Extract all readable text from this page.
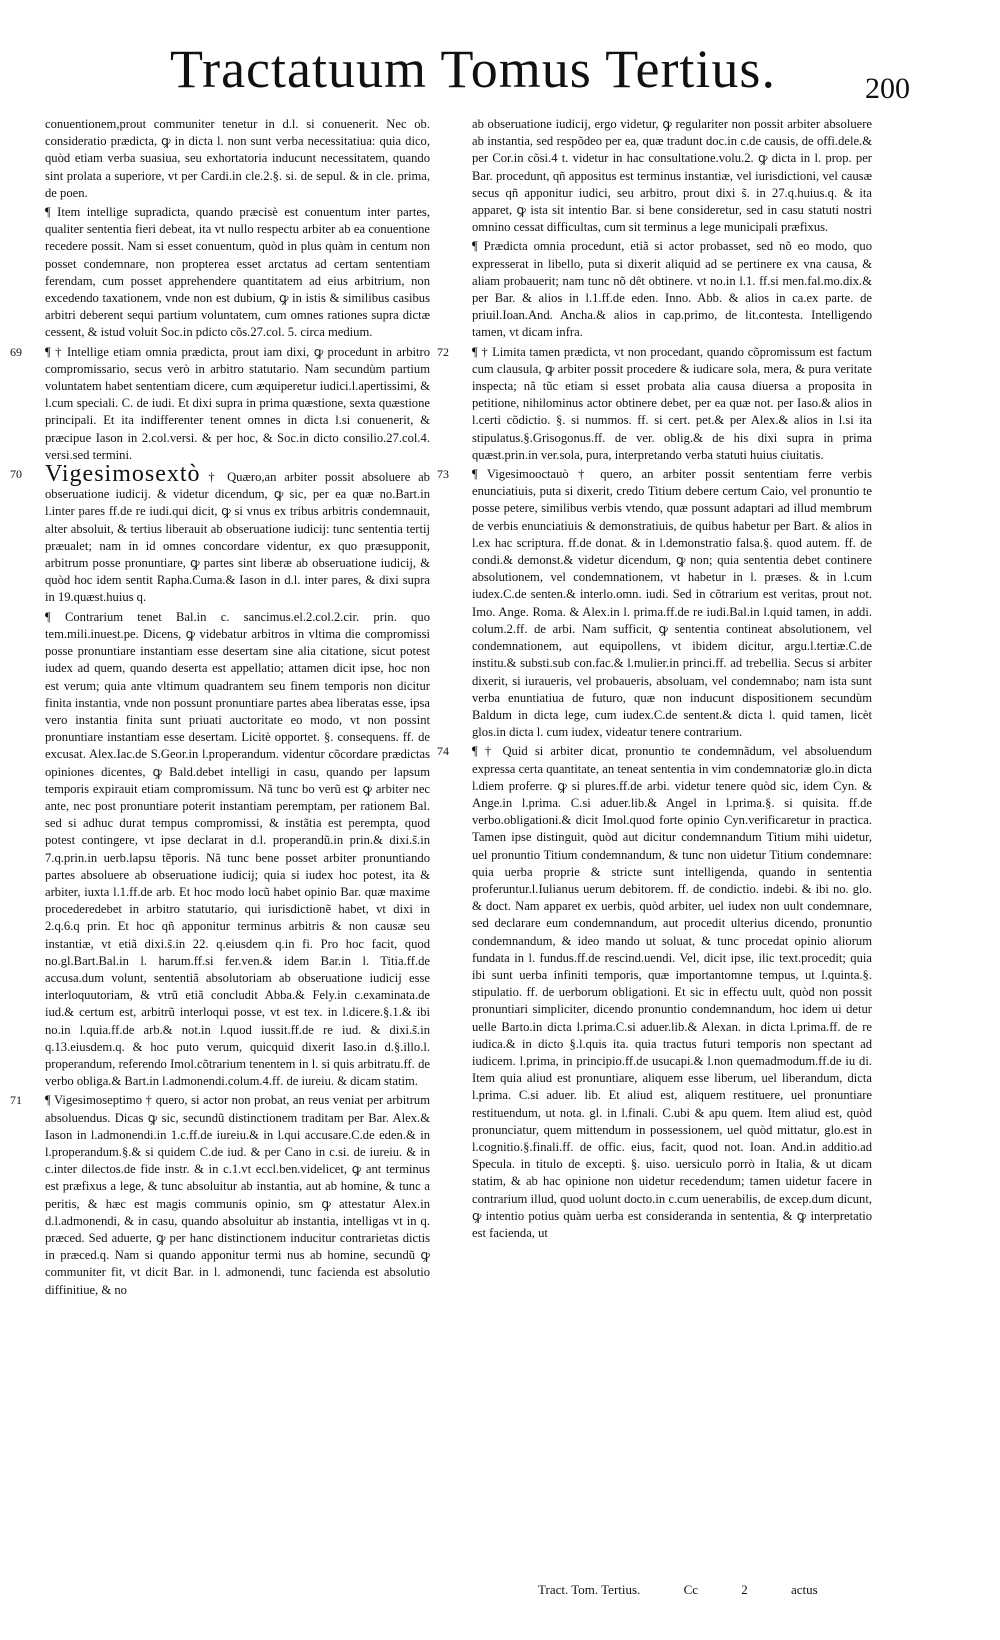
Tractatuum Tomus Tertius.	200

conuentionem,prout communiter tenetur in d.l. si conuenerit. Nec ob. consideratio prædicta, ꝙ in dicta l. non sunt verba necessitatiua: quia dico, quòd etiam verba suasiua, seu exhortatoria inducunt necessitatem, quando sint prolata a superiore, vt per Cardi.in cle.2.§. si. de sepul. & in cle. prima, de poen.

¶ Item intellige supradicta, quando præcisè est conuentum inter partes, qualiter sententia fieri debeat, ita vt nullo respectu arbiter ab ea conuentione recedere possit. Nam si esset conuentum, quòd in plus quàm in centum non posset condemnare, non propterea esset arctatus ad certam sententiam ferendam, cum posset apprehendere quantitatem ad eius arbitrium, non excedendo taxationem, vnde non est dubium, ꝙ in istis & similibus casibus arbitri deberent sequi partium voluntatem, cum omnes rationes supra dictæ cessent, & istud voluit Soc.in pdicto cõs.27.col. 5. circa medium.

69 ¶ † Intellige etiam omnia prædicta, prout iam dixi, ꝙ procedunt in arbitro compromissario, secus verò in arbitro statutario. Nam secundùm partium voluntatem habet sententiam dicere, cum æquiperetur iudici.l.apertissimi, & l.cum speciali. C. de iudi. Et dixi supra in prima quæstione, sexta quæstione principali. Et ita indifferenter tenent omnes in dicta l.si conuenerit, & præcipue Iason in 2.col.versi. & per hoc, & Soc.in dicto consilio.27.col.4. versi.sed termini.
70 Vigesimosextò † Quæro,an arbiter possit absoluere ab obseruatione iudicij. & videtur dicendum, ꝙ sic, per ea quæ no.Bart.in l.inter pares ff.de re iudi.qui dicit, ꝙ si vnus ex tribus arbitris condemnauit, alter absoluit, & tertius liberauit ab obseruatione iudicij: tunc sententia tertij præualet; nam in id omnes concordare videntur, ex quo præsupponit, arbitrum posse pronuntiare, ꝙ partes sint liberæ ab obseruatione iudicij, & quòd hoc idem sentit Rapha.Cuma.& Iason in d.l. inter pares, & dixi supra in 19.quæst.huius q.

¶ Contrarium tenet Bal.in c. sancimus.el.2.col.2.cir. prin. quo tem.mili.inuest.pe. Dicens, ꝙ videbatur arbitros in vltima die compromissi posse pronuntiare instantiam esse desertam sine alia citatione, sicut potest iudex ad quem, quando deserta est appellatio; attamen dicit ipse, hoc non est verum; quia ante vltimum quadrantem seu finem temporis non dicitur finita instantia, vnde non possunt pronuntiare partes abea liberatas esse, ipsa vero instantia finita sunt priuati auctoritate eo modo, vt non possint pronuntiare instantiam esse desertam. Licitè opportet. §. consequens. ff. de excusat. Alex.Iac.de S.Geor.in l.properandum. videntur cõcordare prædictas opiniones dicentes, ꝙ Bald.debet intelligi in casu, quando per lapsum temporis expirauit etiam compromissum. Nã tunc bo verũ est ꝙ arbiter nec ante, nec post pronuntiare poterit instantiam peremptam, per rationem Bal. sed si adhuc durat tempus compromissi, & instãtia est perempta, quod potest contingere, vt ipse declarat in d.l. properandũ.in prin.& dixi.s̃.in 7.q.prin.in uerb.lapsu tẽporis. Nã tunc bene posset arbiter pronuntiando partes absoluere ab obseruatione iudicij; quia si iudex hoc potest, ita & arbiter, iuxta l.1.ff.de arb. Et hoc modo locũ habet opinio Bar. quæ maxime procederedebet in arbitro statutario, qui iurisdictionẽ habet, vt dixi in 2.q.6.q prin. Et hoc qñ apponitur terminus arbitris & non causæ seu instantiæ, vt etiã dixi.s̃.in 22. q.eiusdem q.in fi. Pro hoc facit, quod no.gl.Bart.Bal.in l. harum.ff.si fer.ven.& idem Bar.in l. Titia.ff.de accusa.dum volunt, sententiã absolutoriam ab obseruatione iudicij esse interloquutoriam, & vtrũ etiã concludit Abba.& Fely.in c.examinata.de iud.& certum est, arbitrũ interloqui posse, vt est tex. in l.dicere.§.1.& ibi no.in l.quia.ff.de arb.& not.in l.quod iussit.ff.de re iud. & dixi.s̃.in q.13.eiusdem.q. & hoc puto verum, quicquid dixerit Iaso.in d.§.illo.l. properandum, referendo Imol.cõtrarium tenentem in l. si quis arbitratu.ff. de verbo obliga.& Bart.in l.admonendi.colum.4.ff. de iureiu. & dicam statim.

71 ¶ Vigesimoseptimo † quero, si actor non probat, an reus veniat per arbitrum absoluendus. Dicas ꝙ sic, secundũ distinctionem traditam per Bar. Alex.& Iason in l.admonendi.in 1.c.ff.de iureiu.& in l.qui accusare.C.de eden.& in l.properandum.§.& si quidem C.de iud. & per Cano in c.si. de iureiu. & in c.inter dilectos.de fide instr. & in c.1.vt eccl.ben.videlicet, ꝙ ant terminus est præfixus a lege, & tunc absoluitur ab instantia, aut ab homine, & tunc a peritis, & hæc est magis communis opinio, sm ꝙ attestatur Alex.in d.l.admonendi, & in casu, quando absoluitur ab instantia, intelligas vt in q. præced. Sed aduerte, ꝙ per hanc distinctionem inducitur contrarietas dictis in præced.q. Nam si quando apponitur termi nus ab homine, secundũ ꝙ communiter fit, vt dicit Bar. in l. admonendi, tunc facienda est absolutio diffinitiue, & no

ab obseruatione iudicij, ergo videtur, ꝙ regulariter non possit arbiter absoluere ab instantia, sed respõdeo per ea, quæ tradunt doc.in c.de causis, de offi.dele.& per Cor.in cõsi.4 t. videtur in hac consultatione.volu.2. ꝙ dicta in l. prop. per Bar. procedunt, qñ appositus est terminus instantiæ, vel iurisdictioni, vel causæ secus qñ apponitur iudici, seu arbitro, prout dixi s̃. in 27.q.huius.q. & ita apparet, ꝙ ista sit intentio Bar. si bene consideretur, sed in casu statuti nostri omnino cessat difficultas, cum sit terminus a lege municipali præfixus.

¶ Prædicta omnia procedunt, etiã si actor probasset, sed nõ eo modo, quo expresserat in libello, puta si dixerit aliquid ad se pertinere ex vna causa, & aliam probauerit; nam tunc nõ dêt obtinere. vt no.in l.1. ff.si men.fal.mo.dix.& per Bar. & alios in l.1.ff.de eden. Inno. Abb. & alios in ca.ex parte. de priuil.Ioan.And. Ancha.& alios in cap.primo, de lit.contesta. Intelligendo tamen, vt dicam infra.

72 ¶ † Limita tamen prædicta, vt non procedant, quando cõpromissum est factum cum clausula, ꝙ arbiter possit procedere & iudicare sola, mera, & pura veritate inspecta; nã tũc etiam si esset probata alia causa diuersa a proposita in petitione, nihilominus actor obtinere debet, per ea quæ not. per Iaso.& alios in l.certi cõdictio. §. si nummos. ff. si cert. pet.& per Alex.& alios in l.si ita stipulatus.§.Grisogonus.ff. de ver. oblig.& de his dixi supra in prima quæst.prin.in ver.sola, pura, interpretando verba statuti huius ciuitatis.
73 ¶ Vigesimooctauò † quero, an arbiter possit sententiam ferre verbis enunciatiuis, puta si dixerit, credo Titium debere certum Caio, vel pronuntio te posse petere, similibus verbis vtendo, quæ possunt adaptari ad illud membrum de verbis enunciatiuis & demonstratiuis, de quibus habetur per Bart. & alios in l.ex hac scriptura. ff.de donat. & in l.demonstratio falsa.§. quod autem. ff. de condi.& demonst.& videtur dicendum, ꝙ non; quia sententia debet continere absolutionem, vel condemnationem, vt habetur in l. præses. & in l.cum iudex.C.de senten.& interlo.omn. iudi. Sed in cõtrarium est veritas, prout not. Imo. Ange. Roma. & Alex.in l. prima.ff.de re iudi.Bal.in l.quid tamen, in addi. colum.2.ff. de arbi. Nam sufficit, ꝙ sententia contineat absolutionem, vel condemnationem, aut equipollens, vt ibidem dicitur, argu.l.tertiæ.C.de institu.& substi.sub con.fac.& l.mulier.in princi.ff. ad trebellia. Secus si arbiter dixerit, si iuraueris, vel probaueris, absoluam, vel condemnabo; nam ista sunt verba enuntiatiua de futuro, quæ non inducunt dispositionem secundùm Baldum in dicta lege, cum iudex.C.de sentent.& dicta l. quid tamen, licèt glos.in dicta l. cum iudex, videatur tenere contrarium.
74 ¶ † Quid si arbiter dicat, pronuntio te condemnãdum, vel absoluendum expressa certa quantitate, an teneat sententia in vim condemnatoriæ glo.in dicta l.diem proferre. ꝙ si plures.ff.de arbi. videtur tenere quòd sic, idem Cyn. & Ange.in l.prima. C.si aduer.lib.& Angel in l.prima.§. si quisita. ff.de verbo.obligationi.& dicit Imol.quod forte opinio Cyn.verificaretur in practica. Tamen ipse distinguit, quòd aut dicitur condemnandum Titium mihi uidetur, uel pronuntio Titium condemnandum, & tunc non uidetur Titium condemnare: quia uerba proprie & stricte sunt intelligenda, quando in sententia proferuntur.l.Iulianus uerum debitorem. ff. de condictio. indebi. & ibi no. glo. & doct. Nam apparet ex uerbis, quòd arbiter, uel iudex non uult condemnare, sed declarare eum condemnandum, aut procedit ulterius dicendo, pronuntio condemnandum, & ideo mando ut soluat, & tunc procedat opinio aliorum fundata in l. fundus.ff.de rescind.uendi. Vel, dicit ipse, ilic text.procedit; quia ibi sunt uerba infiniti temporis, quæ importantomne tempus, ut l.quinta.§. stipulatio. ff. de uerborum obligationi. Et sic in effectu uult, quòd non possit pronuntiari simpliciter, dicendo pronuntio condemnandum, hoc idem ui detur uelle Barto.in dicta l.prima.C.si aduer.lib.& Alexan. in dicta l.prima.ff. de re iudica.& in dicto §.l.quis ita. quia tractus futuri temporis non spectant ad iudicem. l.prima, in principio.ff.de usucapi.& l.non quemadmodum.ff.de iu di. Item quia aliud est pronuntiare, aliquem esse liberum, uel liberandum, dicta l.prima. C.si aduer. lib. Et aliud est, aliquem restituere, uel pronuntiare restituendum, ut nota. gl. in l.finali. C.ubi & apu quem. Item aliud est, quòd pronunciatur, quem mittendum in possessionem, uel quòd mittatur, glo.est in l.cognitio.§.finali.ff. de offic. eius, facit, quod not. Ioan. And.in additio.ad Specula. in titulo de excepti. §. uiso. uersiculo porrò in Italia, & ut dicam statim, & ab hac opinione non uidetur recedendum; tamen uidetur facere in contrarium illud, quod uolunt docto.in c.cum uenerabilis, de excep.dum dicunt, ꝙ intentio potius quàm uerba est consideranda in sententia, & ꝙ interpretatio est facienda, ut
Tract. Tom. Tertius.	Cc	2	actus
